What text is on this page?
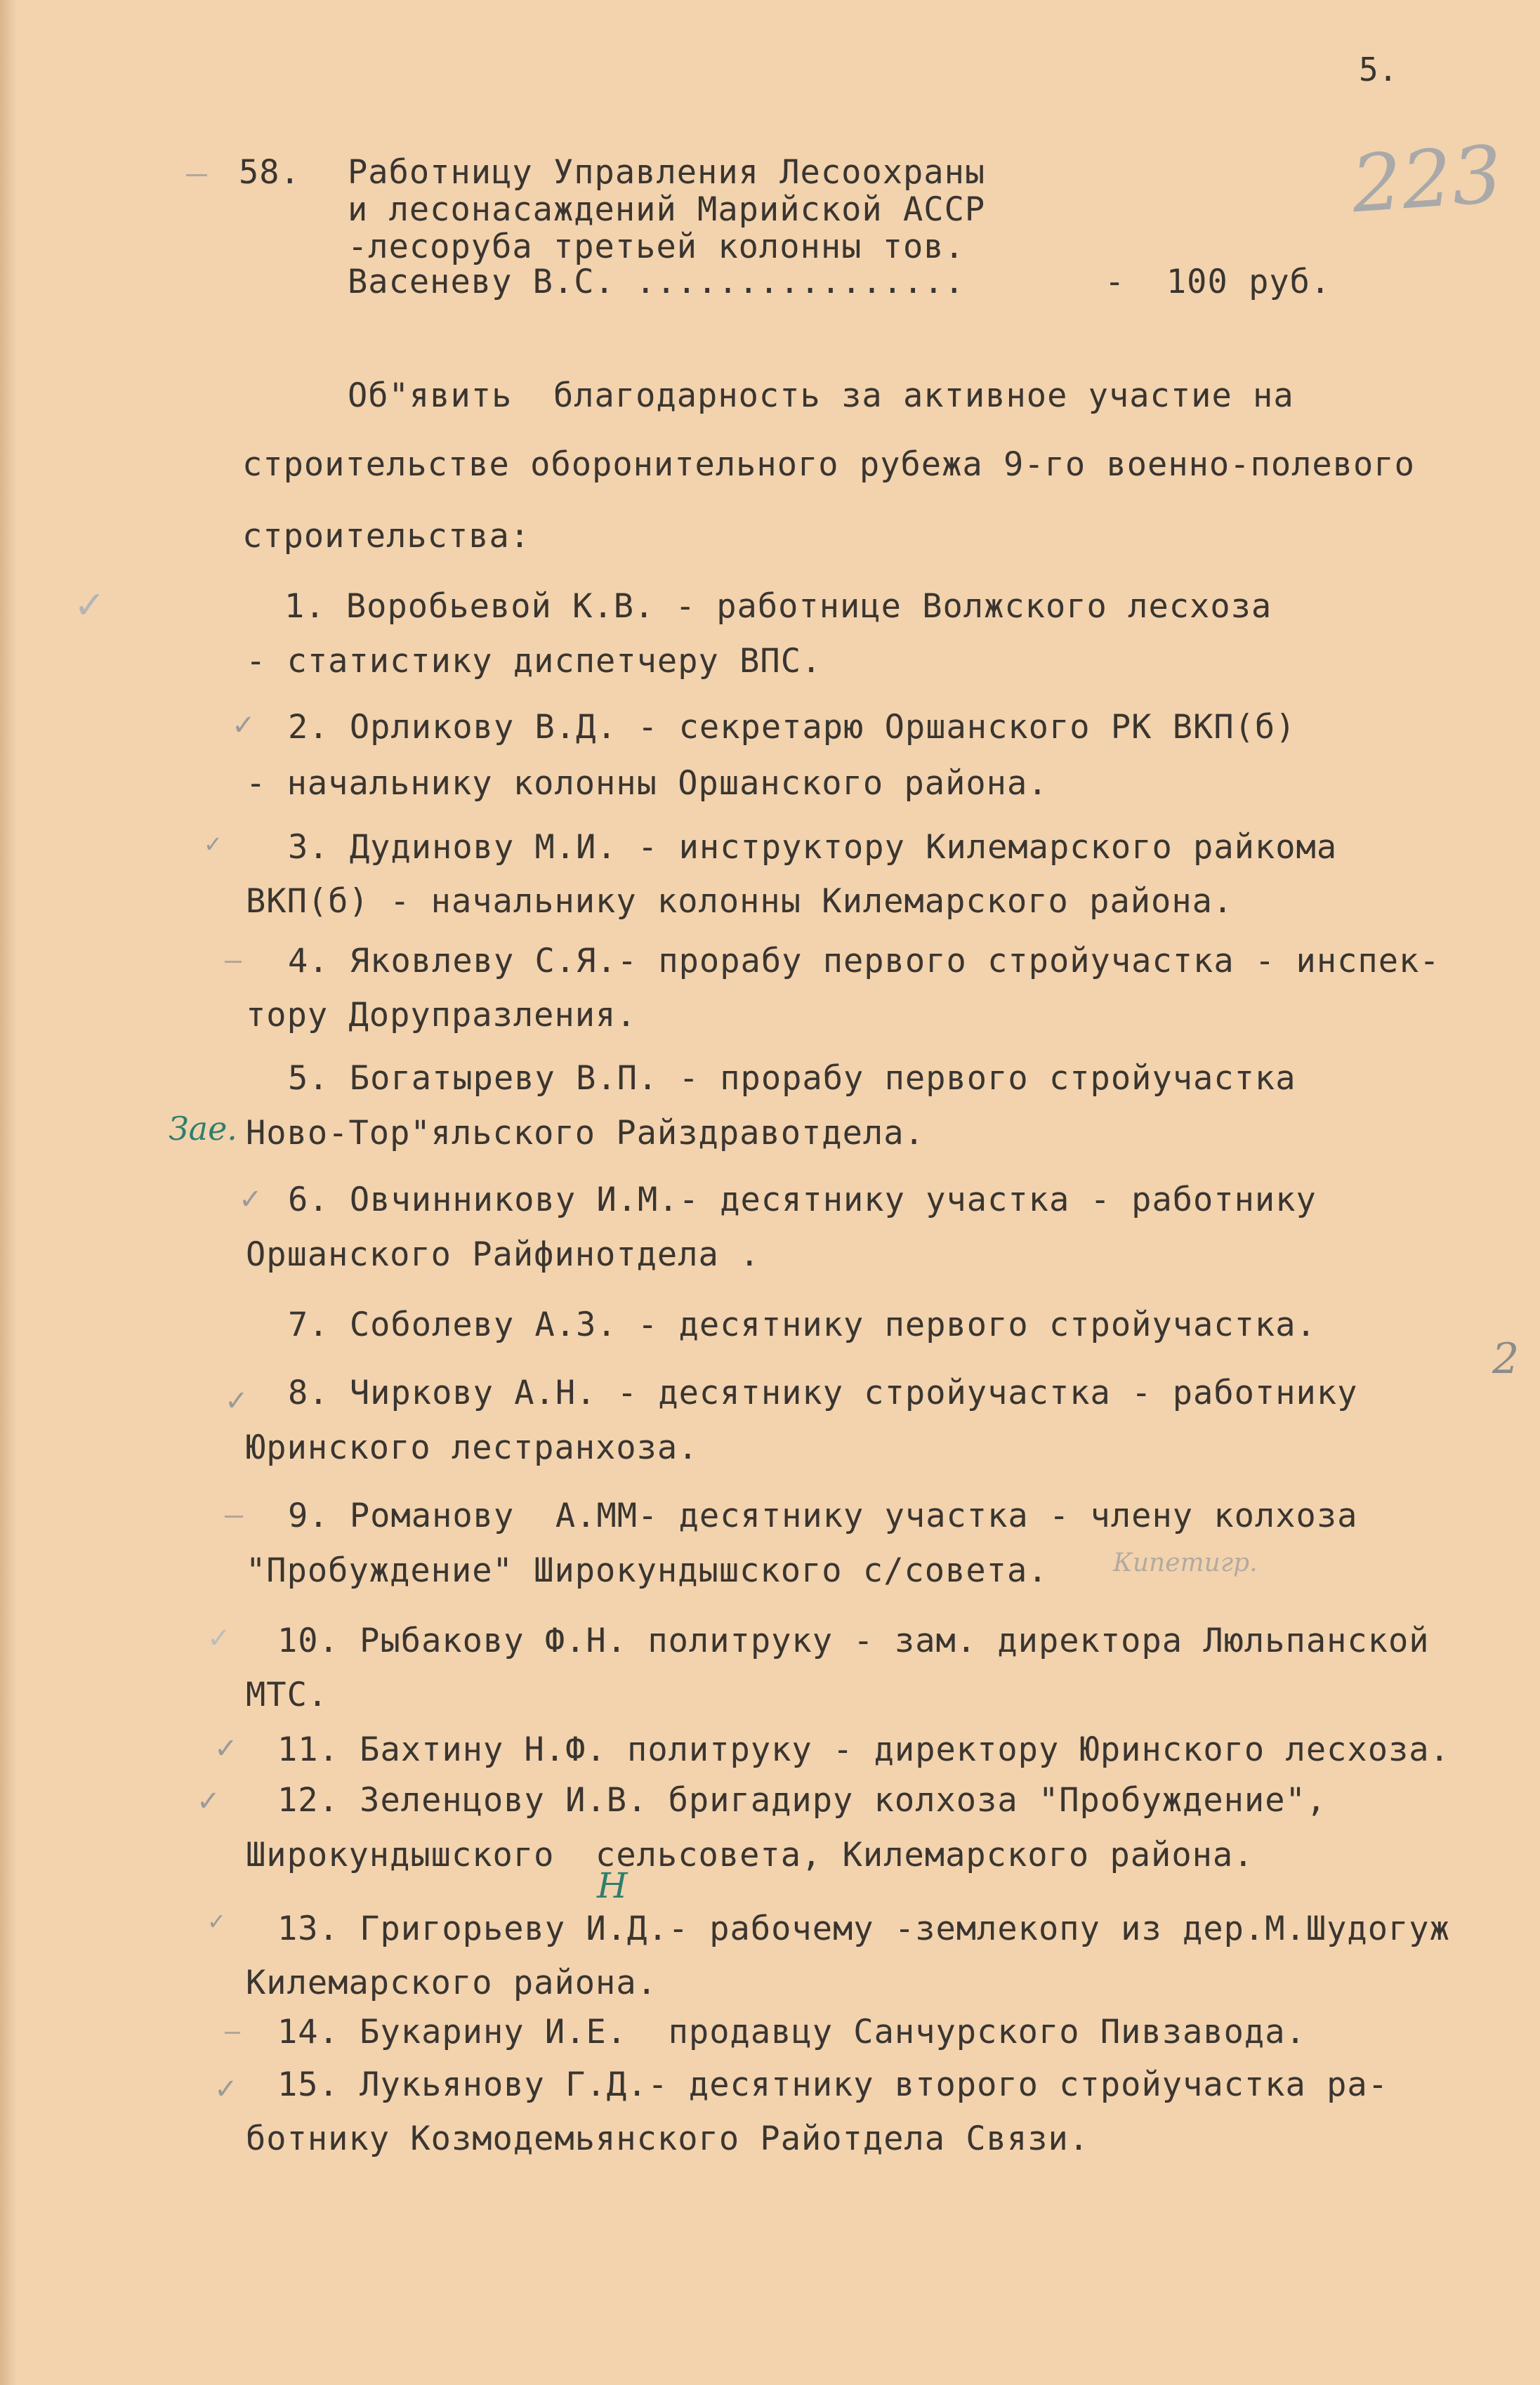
5.
223
58. Работницу Управления Лесоохраны
и лесонасаждений Марийской АССР
-лесоруба третьей колонны тов.
Васеневу В.С. ................	-  100 руб.
Об"явить  благодарность за активное участие на
строительстве оборонительного рубежа 9-го военно-полевого
строительства:
✓	1. Воробьевой К.В. - работнице Волжского лесхоза
- статистику диспетчеру ВПС.
✓ 2. Орликову В.Д. - секретарю Оршанского РК ВКП(б)
- начальнику колонны Оршанского района.
✓ 3. Дудинову М.И. - инструктору Килемарского райкома
ВКП(б) - начальнику колонны Килемарского района.
4. Яковлеву С.Я.- прорабу первого стройучастка - инспек-
тору Дорупразления.
5. Богатыреву В.П. - прорабу первого стройучастка
Зае. Ново-Тор"яльского Райздравотдела.
✓ 6. Овчинникову И.М.- десятнику участка - работнику
Оршанского Райфинотдела .
7. Соболеву А.З. - десятнику первого стройучастка.
2
✓ 8. Чиркову А.Н. - десятнику стройучастка - работнику
Юринского лестранхоза.
9. Романову  А.ММ- десятнику участка - члену колхоза
"Пробуждение" Широкундышского с/совета.	Кипетигр.
✓ 10. Рыбакову Ф.Н. политруку - зам. директора Люльпанской
МТС.
✓ 11. Бахтину Н.Ф. политруку - директору Юринского лесхоза.
✓ 12. Зеленцову И.В. бригадиру колхоза "Пробуждение",
Широкундышского  сельсовета, Килемарского района.
✓
Н
13. Григорьеву И.Д.- рабочему -землекопу из дер.М.Шудогуж
Килемарского района.
14. Букарину И.Е.  продавцу Санчурского Пивзавода.
✓ 15. Лукьянову Г.Д.- десятнику второго стройучастка ра-
ботнику Козмодемьянского Райотдела Связи.
